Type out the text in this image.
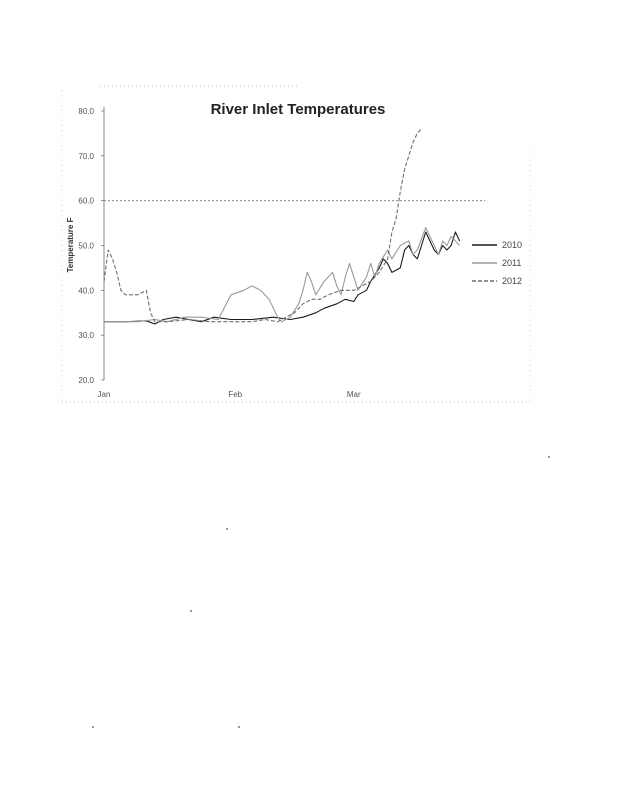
River Inlet Temperatures
Temperature F
20.0
30.0
40.0
50.0
60.0
70.0
80.0
Jan	Feb	Mar
2010
2011
2012
